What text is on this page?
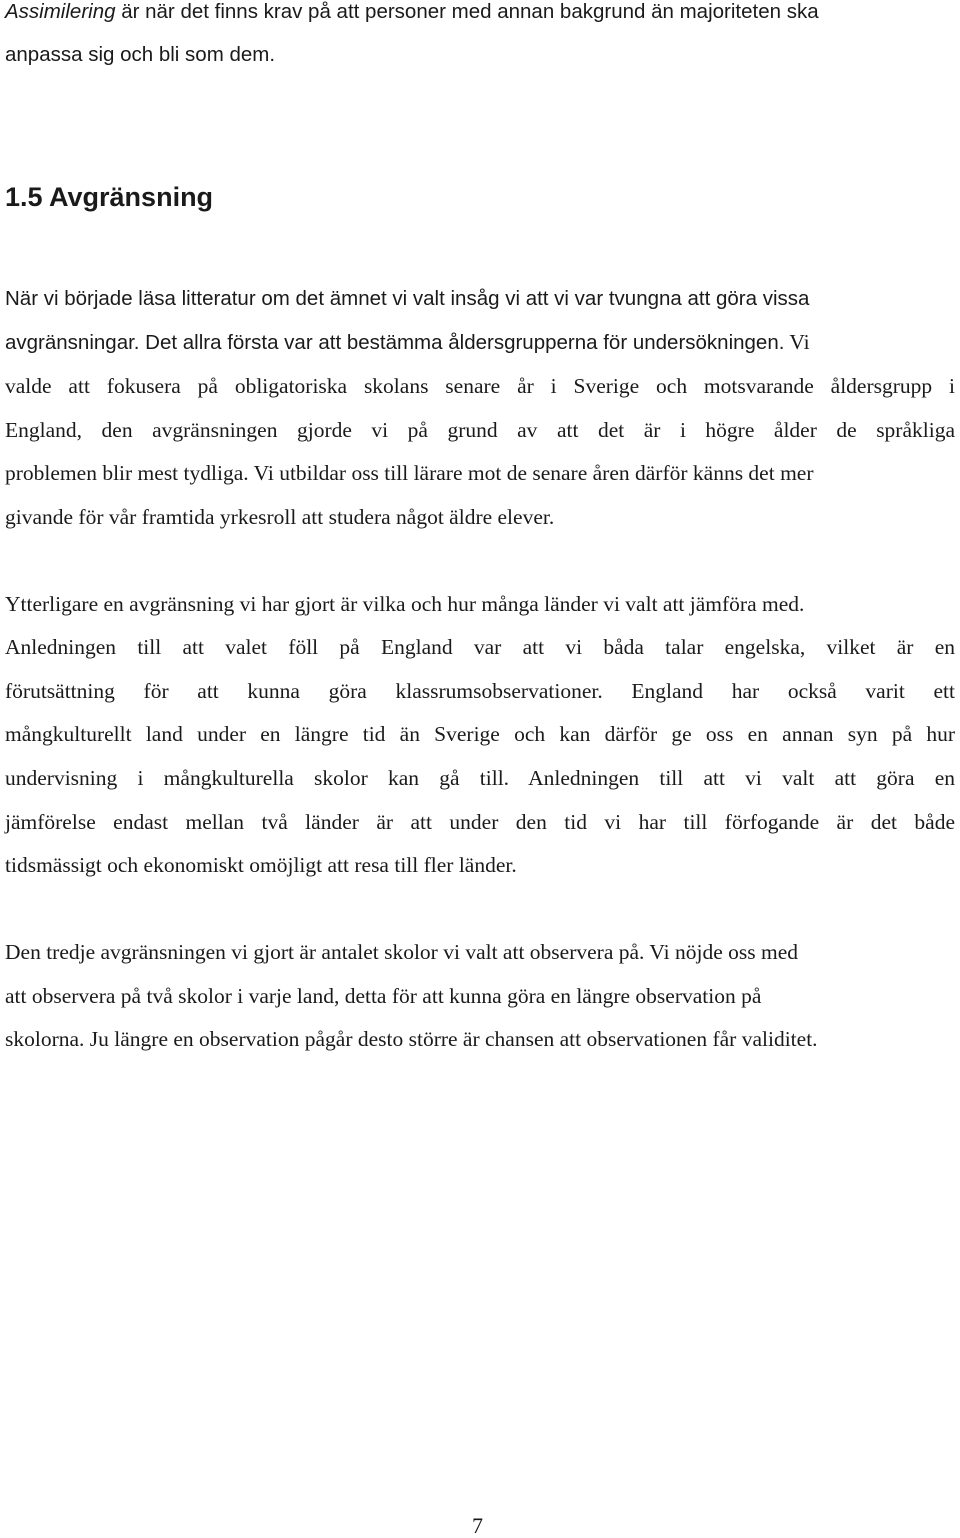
Assimilering är när det finns krav på att personer med annan bakgrund än majoriteten ska
anpassa sig och bli som dem.
1.5 Avgränsning
När vi började läsa litteratur om det ämnet vi valt insåg vi att vi var tvungna att göra vissa
avgränsningar. Det allra första var att bestämma åldersgrupperna för undersökningen. Vi
valde att fokusera på obligatoriska skolans senare år i Sverige och motsvarande åldersgrupp i
England, den avgränsningen gjorde vi på grund av att det är i högre ålder de språkliga
problemen blir mest tydliga. Vi utbildar oss till lärare mot de senare åren därför känns det mer
givande för vår framtida yrkesroll att studera något äldre elever.
Ytterligare en avgränsning vi har gjort är vilka och hur många länder vi valt att jämföra med.
Anledningen till att valet föll på England var att vi båda talar engelska, vilket är en
förutsättning för att kunna göra klassrumsobservationer. England har också varit ett
mångkulturellt land under en längre tid än Sverige och kan därför ge oss en annan syn på hur
undervisning i mångkulturella skolor kan gå till. Anledningen till att vi valt att göra en
jämförelse endast mellan två länder är att under den tid vi har till förfogande är det både
tidsmässigt och ekonomiskt omöjligt att resa till fler länder.
Den tredje avgränsningen vi gjort är antalet skolor vi valt att observera på. Vi nöjde oss med
att observera på två skolor i varje land, detta för att kunna göra en längre observation på
skolorna. Ju längre en observation pågår desto större är chansen att observationen får validitet.
7
